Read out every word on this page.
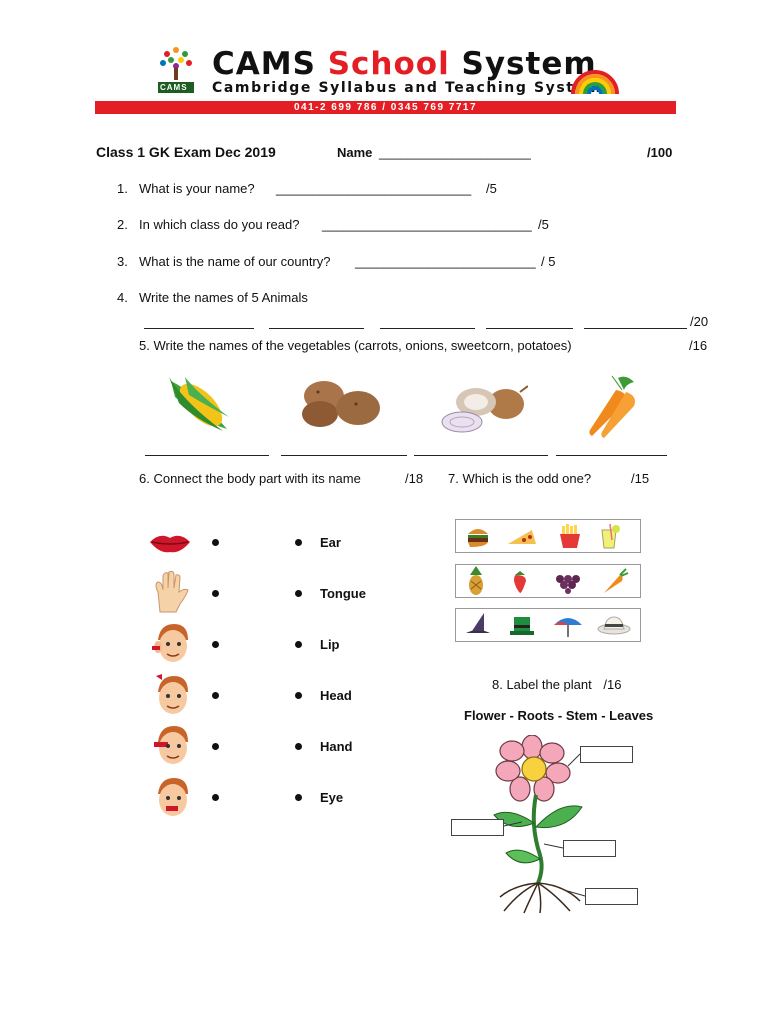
CAMS
CAMS School System
Cambridge Syllabus and Teaching System
041-2 699 786 / 0345 769 7717
Class 1 GK Exam Dec 2019	Name _____________________	/100
1. What is your name? ___________________________ /5
2. In which class do you read? _____________________________ /5
3. What is the name of our country? _________________________ / 5
4. Write the names of 5 Animals
/20
5. Write the names of the vegetables (carrots, onions, sweetcorn, potatoes)	/16
6. Connect the body part with its name	/18 7. Which is the odd one?	/15
Ear
Tongue
Lip
Head
Hand
Eye
8. Label the plant /16
Flower - Roots - Stem - Leaves
